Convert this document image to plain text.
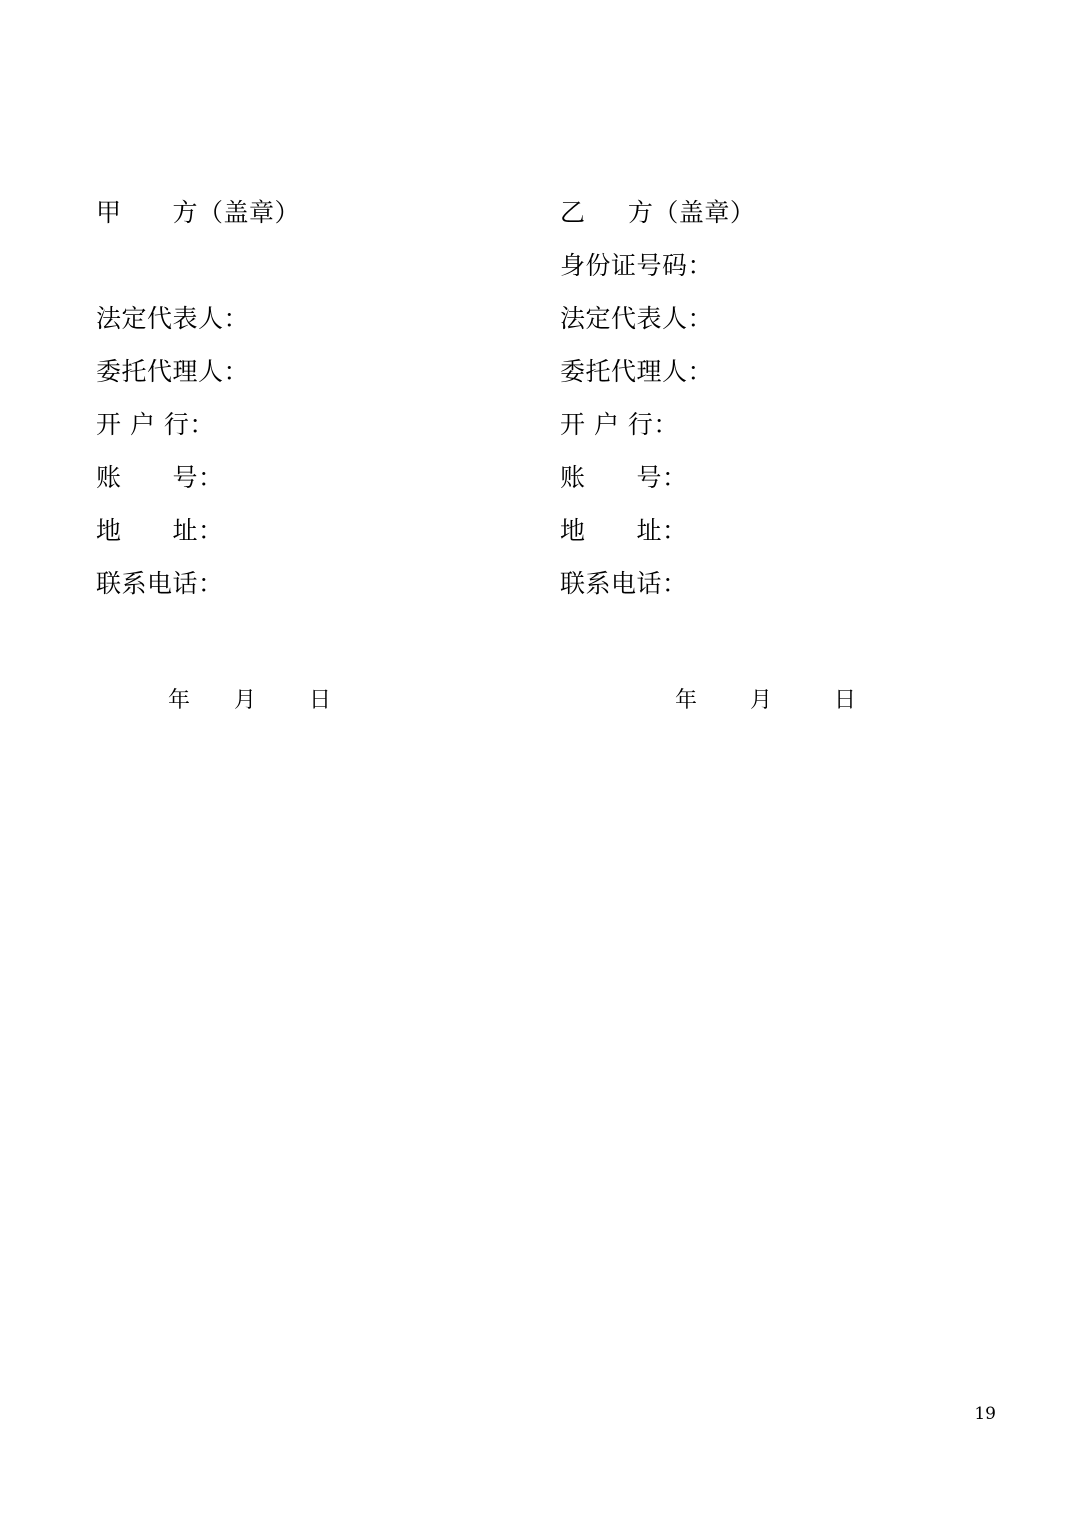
甲　　方（盖章）
法定代表人：
委托代理人：
开 户 行：
账　　号：
地　　址：
联系电话：
乙　  方（盖章）
身份证号码：
法定代表人：
委托代理人：
开 户 行：
账　　号：
地　　址：
联系电话：
年　  月　   日	年　   月　    日
19
